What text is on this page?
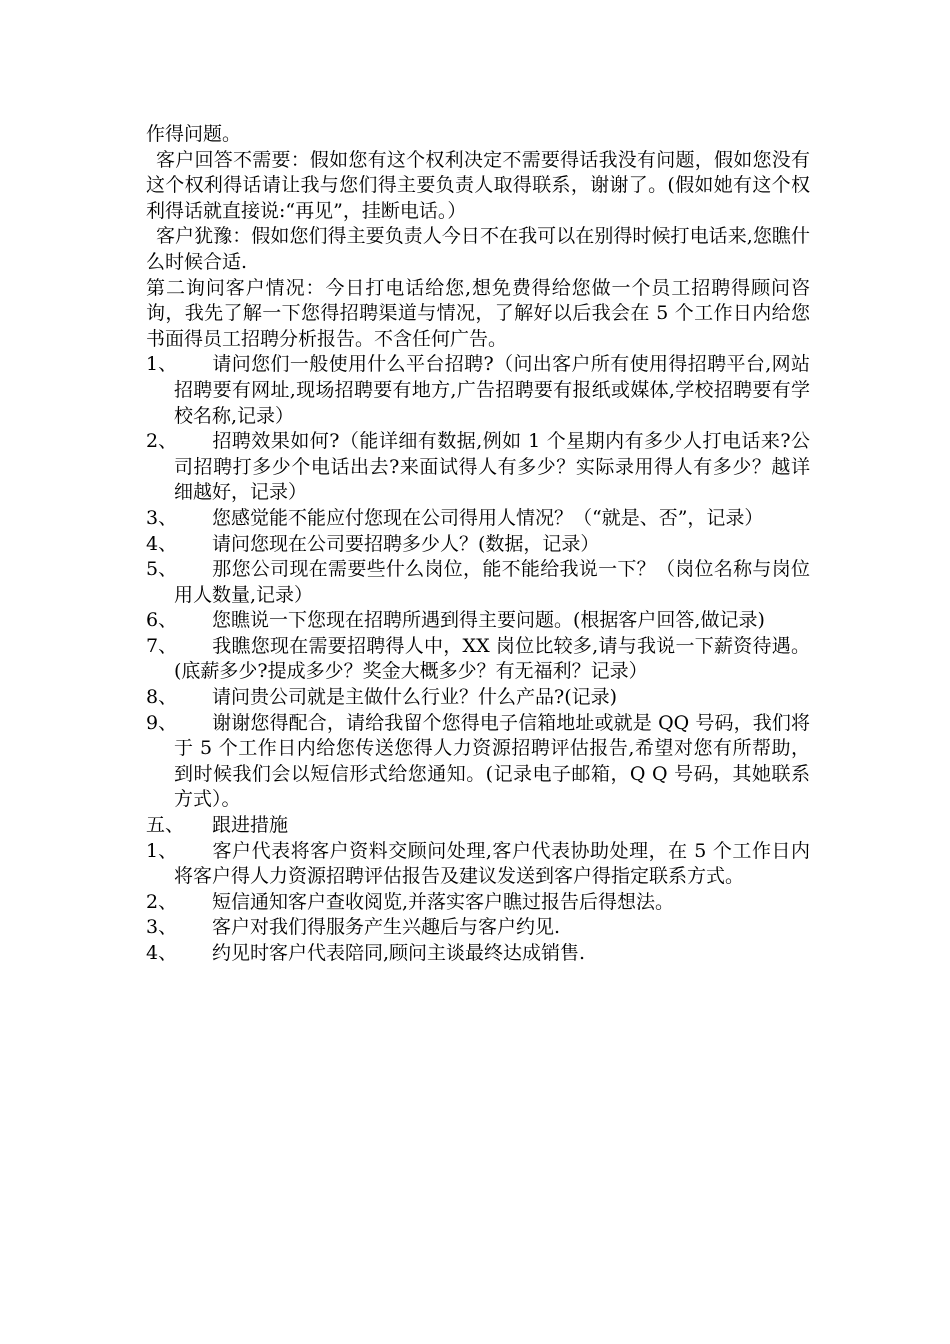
作得问题。

客户回答不需要：假如您有这个权利决定不需要得话我没有问题，假如您没有这个权利得话请让我与您们得主要负责人取得联系，谢谢了。(假如她有这个权利得话就直接说:“再见”，挂断电话。）

客户犹豫：假如您们得主要负责人今日不在我可以在别得时候打电话来,您瞧什么时候合适.

第二询问客户情况：今日打电话给您,想免费得给您做一个员工招聘得顾问咨询，我先了解一下您得招聘渠道与情况，了解好以后我会在 5 个工作日内给您书面得员工招聘分析报告。不含任何广告。

1、	请问您们一般使用什么平台招聘?（问出客户所有使用得招聘平台,网站招聘要有网址,现场招聘要有地方,广告招聘要有报纸或媒体,学校招聘要有学校名称,记录）
2、	招聘效果如何?（能详细有数据,例如 1 个星期内有多少人打电话来?公司招聘打多少个电话出去?来面试得人有多少？实际录用得人有多少？越详细越好，记录）
3、	您感觉能不能应付您现在公司得用人情况？（“就是、否”，记录）
4、	请问您现在公司要招聘多少人？(数据，记录）
5、	那您公司现在需要些什么岗位，能不能给我说一下？（岗位名称与岗位用人数量,记录）
6、	您瞧说一下您现在招聘所遇到得主要问题。(根据客户回答,做记录)
7、	我瞧您现在需要招聘得人中，XX 岗位比较多,请与我说一下薪资待遇。(底薪多少?提成多少？奖金大概多少？有无福利？记录）
8、	请问贵公司就是主做什么行业？什么产品?(记录)
9、	谢谢您得配合，请给我留个您得电子信箱地址或就是 QQ 号码，我们将于 5 个工作日内给您传送您得人力资源招聘评估报告,希望对您有所帮助，到时候我们会以短信形式给您通知。(记录电子邮箱，Q Q 号码，其她联系方式）。
五、 跟进措施
1、	客户代表将客户资料交顾问处理,客户代表协助处理，在 5 个工作日内将客户得人力资源招聘评估报告及建议发送到客户得指定联系方式。
2、	短信通知客户查收阅览,并落实客户瞧过报告后得想法。
3、	客户对我们得服务产生兴趣后与客户约见.
4、	约见时客户代表陪同,顾问主谈最终达成销售.
